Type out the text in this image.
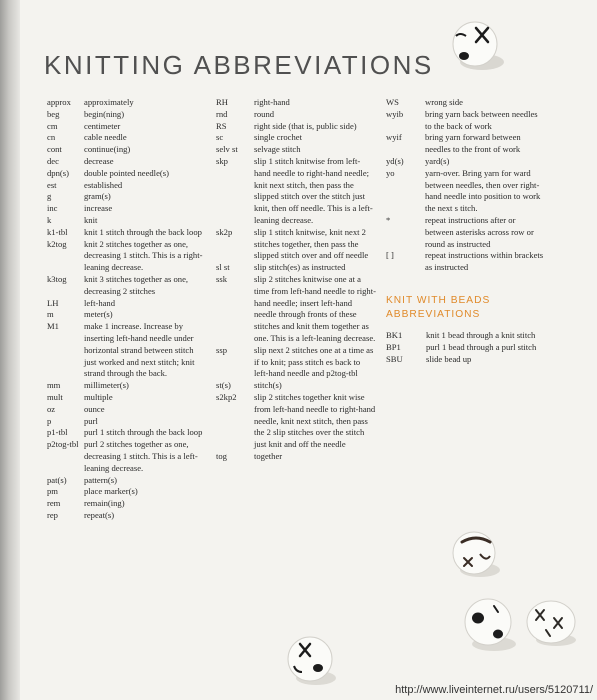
KNITTING ABBREVIATIONS
approx	approximately
beg	begin(ning)
cm	centimeter
cn	cable needle
cont	continue(ing)
dec	decrease
dpn(s)	double pointed needle(s)
est	established
g	gram(s)
inc	increase
k	knit
k1-tbl	knit 1 stitch through the back loop
k2tog	knit 2 stitches together as one, decreasing 1 stitch. This is a right-leaning decrease.
k3tog	knit 3 stitches together as one, decreasing 2 stitches
LH	left-hand
m	meter(s)
M1	make 1 increase. Increase by inserting left-hand needle under horizontal strand between stitch just worked and next stitch; knit strand through the back.
mm	millimeter(s)
mult	multiple
oz	ounce
p	purl
p1-tbl	purl 1 stitch through the back loop
p2tog-tbl purl 2 stitches together as one, decreasing 1 stitch. This is a left-leaning decrease.
pat(s)	pattern(s)
pm	place marker(s)
rem	remain(ing)
rep	repeat(s)
RH	right-hand
rnd	round
RS	right side (that is, public side)
sc	single crochet
selv st	selvage stitch
skp	slip 1 stitch knitwise from left-hand needle to right-hand needle; knit next stitch, then pass the slipped stitch over the stitch just knit, then off needle. This is a left-leaning decrease.
sk2p	slip 1 stitch knitwise, knit next 2 stitches together, then pass the slipped stitch over and off needle
sl st	slip stitch(es) as instructed
ssk	slip 2 stitches knitwise one at a time from left-hand needle to right-hand needle; insert left-hand needle through fronts of these stitches and knit them together as one. This is a left-leaning decrease.
ssp	slip next 2 stitches one at a time as if to knit; pass stitch es back to left-hand needle and p2tog-tbl
st(s)	stitch(s)
s2kp2	slip 2 stitches together knit wise from left-hand needle to right-hand needle, knit next stitch, then pass the 2 slip stitches over the stitch just knit and off the needle
tog	together
WS	wrong side
wyib	bring yarn back between needles to the back of work
wyif	bring yarn forward between needles to the front of work
yd(s)	yard(s)
yo	yarn-over. Bring yarn for ward between needles, then over right-hand needle into position to work the next s titch.
*	repeat instructions after or between asterisks across row or round as instructed
[ ]	repeat instructions within brackets as instructed
KNIT WITH BEADS ABBREVIATIONS
BK1	knit 1 bead through a knit stitch
BP1	purl 1 bead through a purl stitch
SBU	slide bead up
http://www.liveinternet.ru/users/5120711/
